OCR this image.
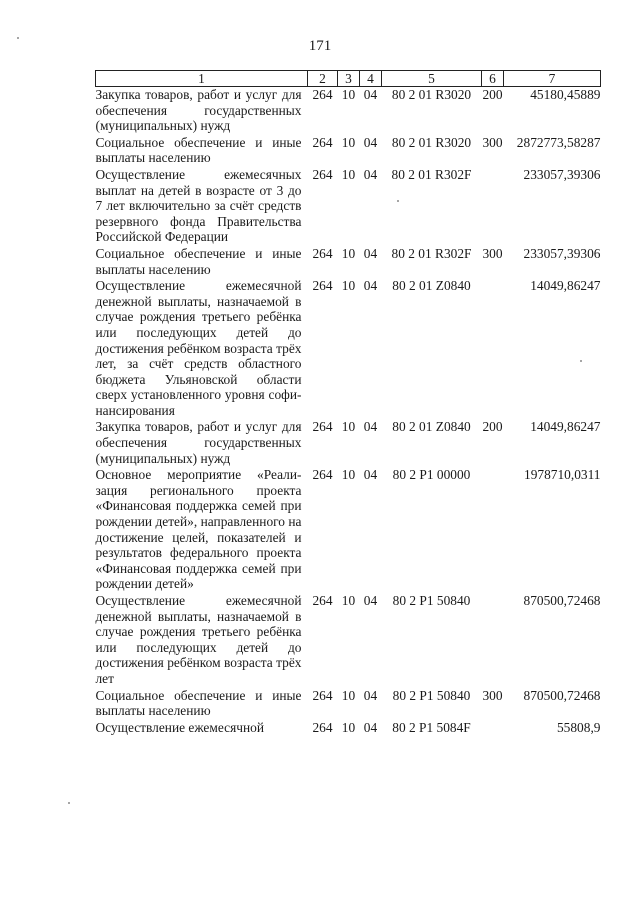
171
1	2	3	4	5	6	7
Закупка товаров, работ и услуг для обеспечения государственных (муниципальных) нужд	264	10	04	80 2 01 R3020	200	45180,45889
Социальное обеспечение и иные выплаты населению	264	10	04	80 2 01 R3020	300	2872773,58287
Осуществление ежемесячных выплат на детей в возрасте от 3 до 7 лет включительно за счёт средств резервного фонда Правительства Российской Федерации	264	10	04	80 2 01 R302F		233057,39306
Социальное обеспечение и иные выплаты населению	264	10	04	80 2 01 R302F	300	233057,39306
Осуществление ежемесячной денежной выплаты, назначаемой в случае рождения третьего ребёнка или последующих детей до достижения ребёнком возраста трёх лет, за счёт средств областного бюджета Ульяновской области сверх установленного уровня софинансирования	264	10	04	80 2 01 Z0840		14049,86247
Закупка товаров, работ и услуг для обеспечения государственных (муниципальных) нужд	264	10	04	80 2 01 Z0840	200	14049,86247
Основное мероприятие «Реализация регионального проекта «Финансовая поддержка семей при рождении детей», направленного на достижение целей, показателей и результатов федерального проекта «Финансовая поддержка семей при рождении детей»	264	10	04	80 2 P1 00000		1978710,0311
Осуществление ежемесячной денежной выплаты, назначаемой в случае рождения третьего ребёнка или последующих детей до достижения ребёнком возраста трёх лет	264	10	04	80 2 P1 50840		870500,72468
Социальное обеспечение и иные выплаты населению	264	10	04	80 2 P1 50840	300	870500,72468
Осуществление ежемесячной	264	10	04	80 2 P1 5084F		55808,9
